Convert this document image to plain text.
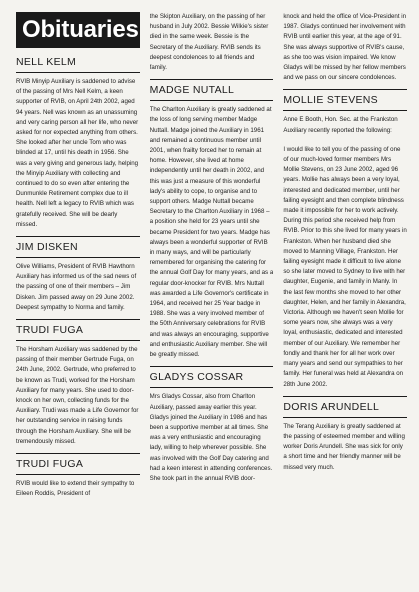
Obituaries
NELL KELM

RVIB Minyip Auxiliary is saddened to advise of the passing of Mrs Nell Kelm, a keen supporter of RVIB, on April 24th 2002, aged 94 years. Nell was known as an unassuming and very caring person all her life, who never asked for nor expected anything from others. She looked after her uncle Tom who was blinded at 17, until his death in 1956. She was a very giving and generous lady, helping the Minyip Auxiliary with collecting and continued to do so even after entering the Dunmunkle Retirement complex due to ill health. Nell left a legacy to RVIB which was gratefully received. She will be dearly missed.

JIM DISKEN

Olive Williams, President of RVIB Hawthorn Auxiliary has informed us of the sad news of the passing of one of their members – Jim Disken. Jim passed away on 29 June 2002. Deepest sympathy to Norma and family.

TRUDI FUGA

The Horsham Auxiliary was saddened by the passing of their member Gertrude Fuga, on 24th June, 2002. Gertrude, who preferred to be known as Trudi, worked for the Horsham Auxiliary for many years. She used to door-knock on her own, collecting funds for the Auxiliary. Trudi was made a Life Governor for her outstanding service in raising funds through the Horsham Auxiliary. She will be tremendously missed.

TRUDI FUGA

RVIB would like to extend their sympathy to Eileen Roddis, President of

the Skipton Auxiliary, on the passing of her husband in July 2002. Bessie Wilkie's sister died in the same week. Bessie is the Secretary of the Auxiliary. RVIB sends its deepest condolences to all friends and family.

MADGE NUTALL

The Charlton Auxiliary is greatly saddened at the loss of long serving member Madge Nuttall. Madge joined the Auxiliary in 1961 and remained a continuous member until 2001, when frailty forced her to remain at home. However, she lived at home independently until her death in 2002, and this was just a measure of this wonderful lady's ability to cope, to organise and to support others. Madge Nuttall became Secretary to the Charlton Auxiliary in 1968 – a position she held for 23 years until she became President for two years. Madge has always been a wonderful supporter of RVIB in many ways, and will be particularly remembered for organising the catering for the annual Golf Day for many years, and as a regular door-knocker for RVIB. Mrs Nuttall was awarded a Life Governor's certificate in 1964, and received her 25 Year badge in 1988. She was a very involved member of the 50th Anniversary celebrations for RVIB and was always an encouraging, supportive and enthusiastic Auxiliary member. She will be greatly missed.

GLADYS COSSAR

Mrs Gladys Cossar, also from Charlton Auxiliary, passed away earlier this year. Gladys joined the Auxiliary in 1986 and has been a supportive member at all times. She was a very enthusiastic and encouraging lady, willing to help wherever possible. She was involved with the Golf Day catering and had a keen interest in attending conferences. She took part in the annual RVIB door-

knock and held the office of Vice-President in 1987. Gladys continued her involvement with RVIB until earlier this year, at the age of 91. She was always supportive of RVIB's cause, as she too was vision impaired. We know Gladys will be missed by her fellow members and we pass on our sincere condolences.

MOLLIE STEVENS

Anne E Booth, Hon. Sec. at the Frankston Auxiliary recently reported the following:

I would like to tell you of the passing of one of our much-loved former members Mrs Mollie Stevens, on 23 June 2002, aged 96 years. Mollie has always been a very loyal, interested and dedicated member, until her failing eyesight and then complete blindness made it impossible for her to work actively. During this period she received help from RVIB. Prior to this she lived for many years in Frankston. When her husband died she moved to Manning Village, Frankston. Her failing eyesight made it difficult to live alone so she later moved to Sydney to live with her daughter, Eugenie, and family in Manly. In the last few months she moved to her other daughter, Helen, and her family in Alexandra, Victoria. Although we haven't seen Mollie for some years now, she always was a very loyal, enthusiastic, dedicated and interested member of our Auxiliary. We remember her fondly and thank her for all her work over many years and send our sympathies to her family. Her funeral was held at Alexandra on 28th June 2002.

DORIS ARUNDELL

The Terang Auxiliary is greatly saddened at the passing of esteemed member and willing worker Doris Arundell. She was sick for only a short time and her friendly manner will be missed very much.
